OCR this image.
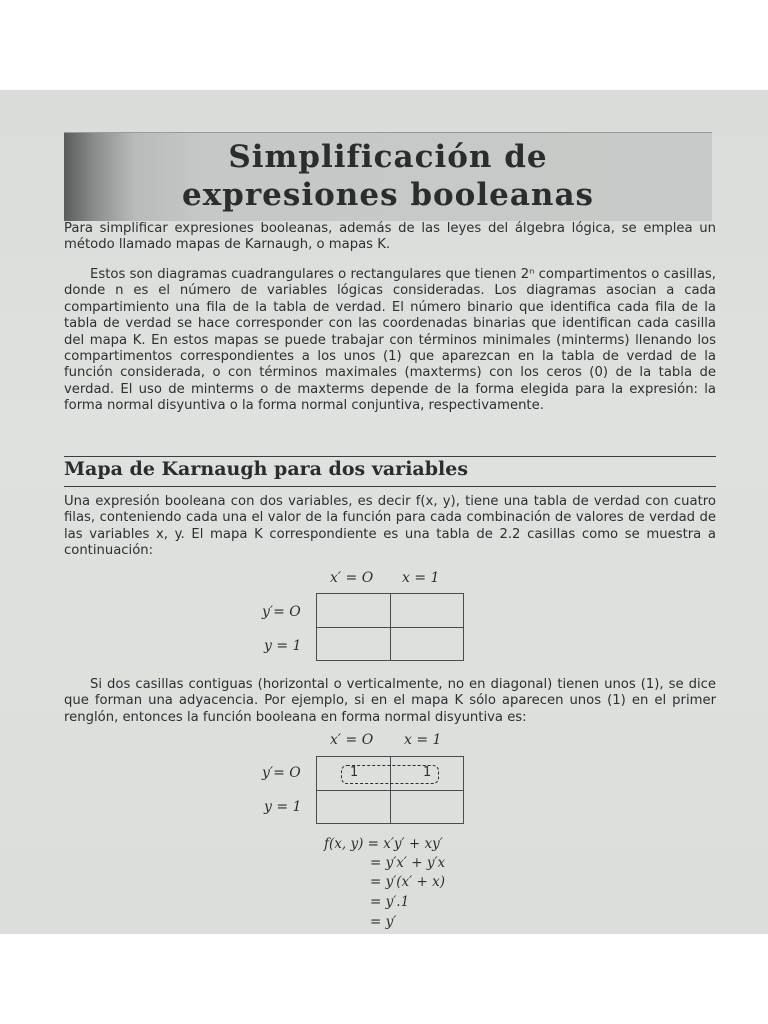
Simplificación de
expresiones booleanas

Para simplificar expresiones booleanas, además de las leyes del álgebra lógica, se emplea un método llamado mapas de Karnaugh, o mapas K.

Estos son diagramas cuadrangulares o rectangulares que tienen 2ⁿ compartimentos o casillas, donde n es el número de variables lógicas consideradas. Los diagramas asocian a cada compartimiento una fila de la tabla de verdad. El número binario que identifica cada fila de la tabla de verdad se hace corresponder con las coordenadas binarias que identifican cada casilla del mapa K. En estos mapas se puede trabajar con términos minimales (minterms) llenando los compartimentos correspondientes a los unos (1) que aparezcan en la tabla de verdad de la función considerada, o con términos maximales (maxterms) con los ceros (0) de la tabla de verdad. El uso de minterms o de maxterms depende de la forma elegida para la expresión: la forma normal disyuntiva o la forma normal conjuntiva, respectivamente.

Mapa de Karnaugh para dos variables

Una expresión booleana con dos variables, es decir f(x, y), tiene una tabla de verdad con cuatro filas, conteniendo cada una el valor de la función para cada combinación de valores de verdad de las variables x, y. El mapa K correspondiente es una tabla de 2.2 casillas como se muestra a continuación:

x′ = O x = 1
y′= O
y = 1

Si dos casillas contiguas (horizontal o verticalmente, no en diagonal) tienen unos (1), se dice que forman una adyacencia. Por ejemplo, si en el mapa K sólo aparecen unos (1) en el primer renglón, entonces la función booleana en forma normal disyuntiva es:

x′ = O x = 1
y′= O
y = 1
1	1
f(x, y) = x′y′ + xy′
= y′x′ + y′x
= y′(x′ + x)
= y′.1
= y′
